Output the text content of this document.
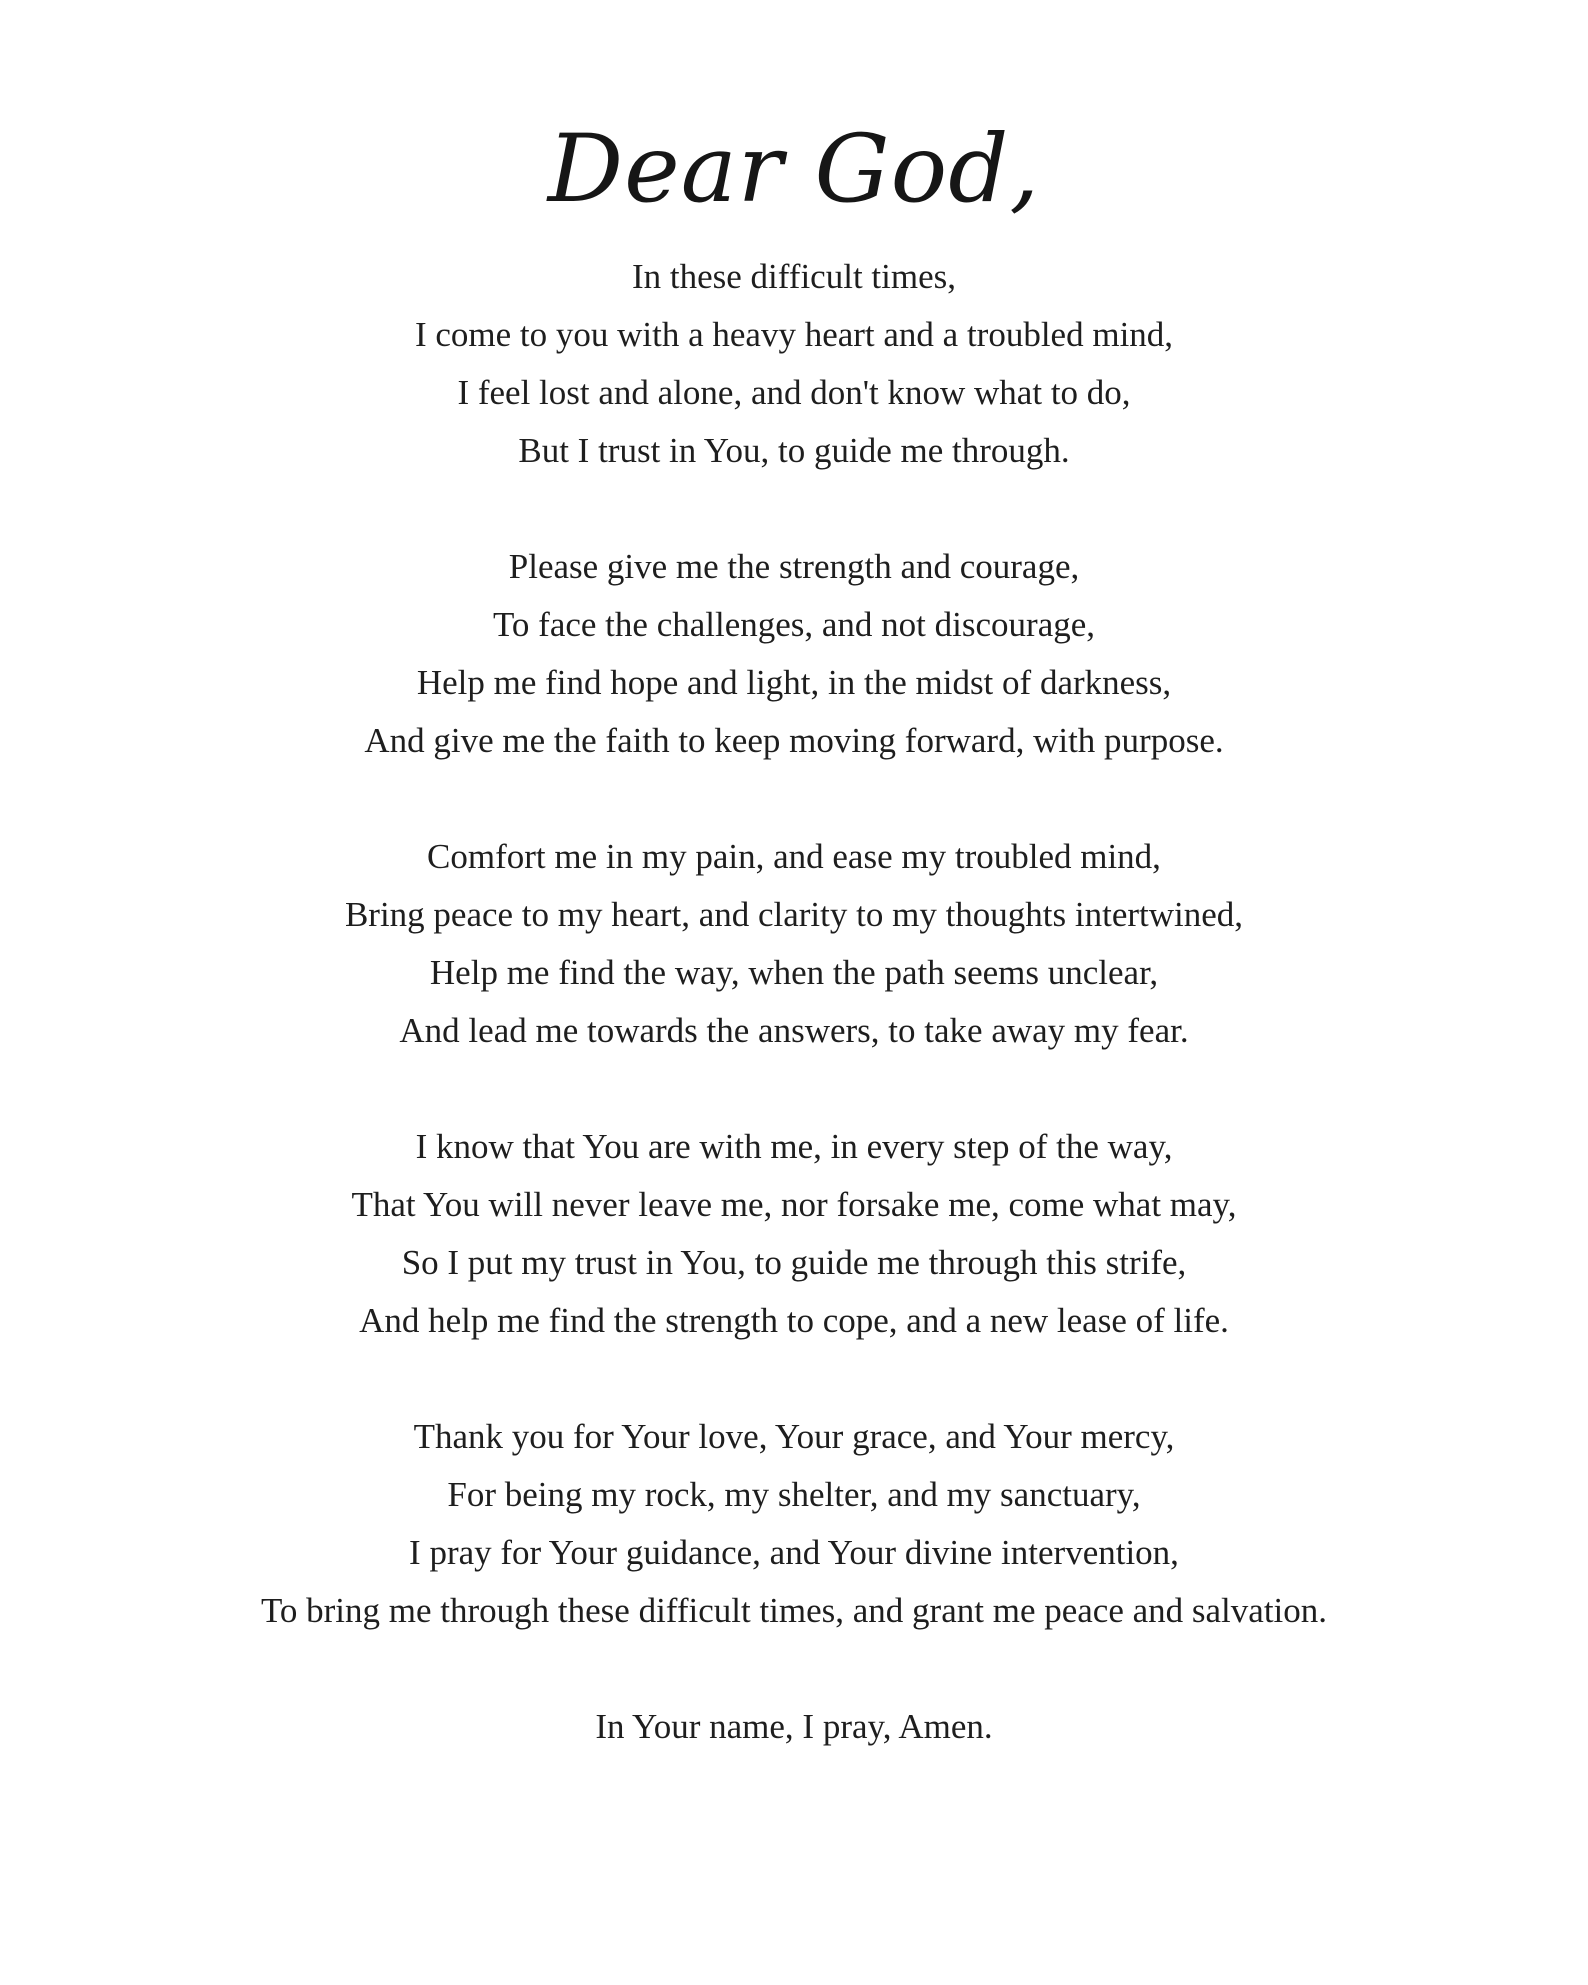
Dear God,
In these difficult times,
I come to you with a heavy heart and a troubled mind,
I feel lost and alone, and don't know what to do,
But I trust in You, to guide me through.
Please give me the strength and courage,
To face the challenges, and not discourage,
Help me find hope and light, in the midst of darkness,
And give me the faith to keep moving forward, with purpose.
Comfort me in my pain, and ease my troubled mind,
Bring peace to my heart, and clarity to my thoughts intertwined,
Help me find the way, when the path seems unclear,
And lead me towards the answers, to take away my fear.
I know that You are with me, in every step of the way,
That You will never leave me, nor forsake me, come what may,
So I put my trust in You, to guide me through this strife,
And help me find the strength to cope, and a new lease of life.
Thank you for Your love, Your grace, and Your mercy,
For being my rock, my shelter, and my sanctuary,
I pray for Your guidance, and Your divine intervention,
To bring me through these difficult times, and grant me peace and salvation.
In Your name, I pray, Amen.
